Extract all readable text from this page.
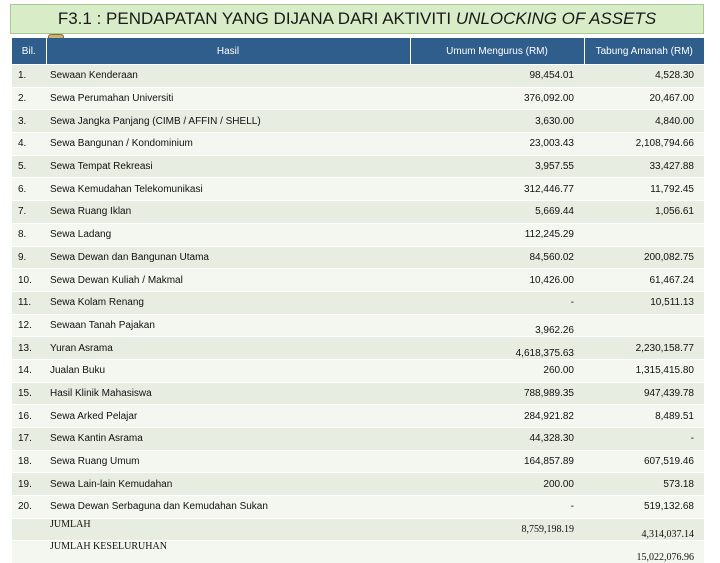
F3.1 : PENDAPATAN YANG DIJANA DARI AKTIVITI UNLOCKING OF ASSETS
Bil.	Hasil	Umum Mengurus (RM)	Tabung Amanah (RM)
1.	Sewaan Kenderaan	98,454.01	4,528.30
2.	Sewa Perumahan Universiti	376,092.00	20,467.00
3.	Sewa Jangka Panjang (CIMB / AFFIN / SHELL)	3,630.00	4,840.00
4.	Sewa Bangunan / Kondominium	23,003.43	2,108,794.66
5.	Sewa Tempat Rekreasi	3,957.55	33,427.88
6.	Sewa Kemudahan Telekomunikasi	312,446.77	11,792.45
7.	Sewa Ruang Iklan	5,669.44	1,056.61
8.	Sewa Ladang	112,245.29	
9.	Sewa Dewan dan Bangunan Utama	84,560.02	200,082.75
10.	Sewa Dewan Kuliah / Makmal	10,426.00	61,467.24
11.	Sewa Kolam Renang	-	10,511.13
12.	Sewaan Tanah Pajakan	3,962.26	
13.	Yuran Asrama	4,618,375.63	2,230,158.77
14.	Jualan Buku	260.00	1,315,415.80
15.	Hasil Klinik Mahasiswa	788,989.35	947,439.78
16.	Sewa Arked Pelajar	284,921.82	8,489.51
17.	Sewa Kantin Asrama	44,328.30	-
18.	Sewa Ruang Umum	164,857.89	607,519.46
19.	Sewa Lain-lain Kemudahan	200.00	573.18
20.	Sewa Dewan Serbaguna dan Kemudahan Sukan	-	519,132.68
	JUMLAH	8,759,198.19	4,314,037.14
	JUMLAH KESELURUHAN		15,022,076.96
